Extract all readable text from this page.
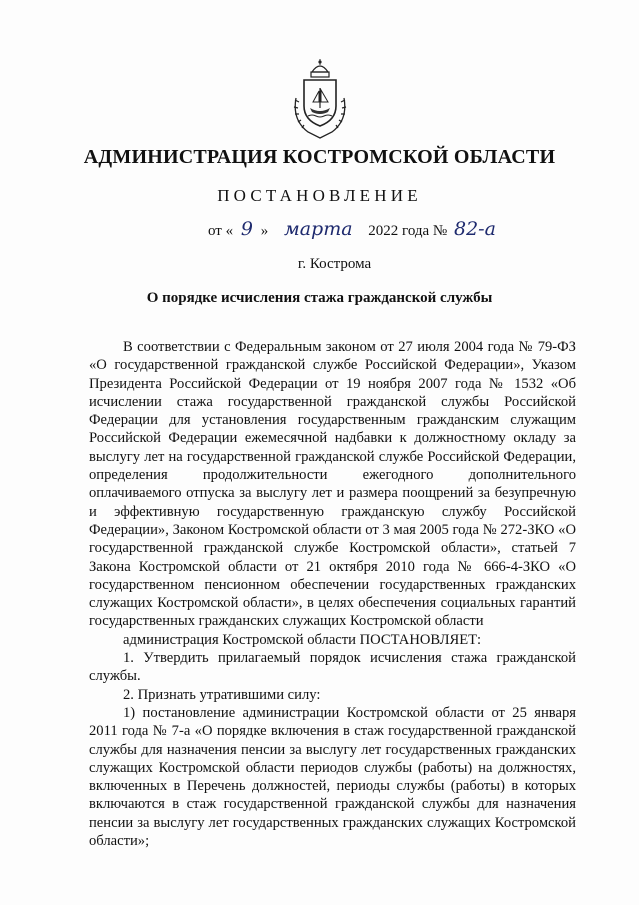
АДМИНИСТРАЦИЯ КОСТРОМСКОЙ ОБЛАСТИ
ПОСТАНОВЛЕНИЕ
от « 9 » марта 2022 года № 82-а
г. Кострома
О порядке исчисления стажа гражданской службы

В соответствии с Федеральным законом от 27 июля 2004 года № 79-ФЗ «О государственной гражданской службе Российской Федерации», Указом Президента Российской Федерации от 19 ноября 2007 года № 1532 «Об исчислении стажа государственной гражданской службы Российской Федерации для установления государственным гражданским служащим Российской Федерации ежемесячной надбавки к должностному окладу за выслугу лет на государственной гражданской службе Российской Федерации, определения продолжительности ежегодного дополнительного оплачиваемого отпуска за выслугу лет и размера поощрений за безупречную и эффективную государственную гражданскую службу Российской Федерации», Законом Костромской области от 3 мая 2005 года № 272-ЗКО «О государственной гражданской службе Костромской области», статьей 7 Закона Костромской области от 21 октября 2010 года № 666-4-ЗКО «О государственном пенсионном обеспечении государственных гражданских служащих Костромской области», в целях обеспечения социальных гарантий государственных гражданских служащих Костромской области

администрация Костромской области ПОСТАНОВЛЯЕТ:

1. Утвердить прилагаемый порядок исчисления стажа гражданской службы.

2. Признать утратившими силу:

1) постановление администрации Костромской области от 25 января 2011 года № 7-а «О порядке включения в стаж государственной гражданской службы для назначения пенсии за выслугу лет государственных гражданских служащих Костромской области периодов службы (работы) на должностях, включенных в Перечень должностей, периоды службы (работы) в которых включаются в стаж государственной гражданской службы для назначения пенсии за выслугу лет государственных гражданских служащих Костромской области»;
